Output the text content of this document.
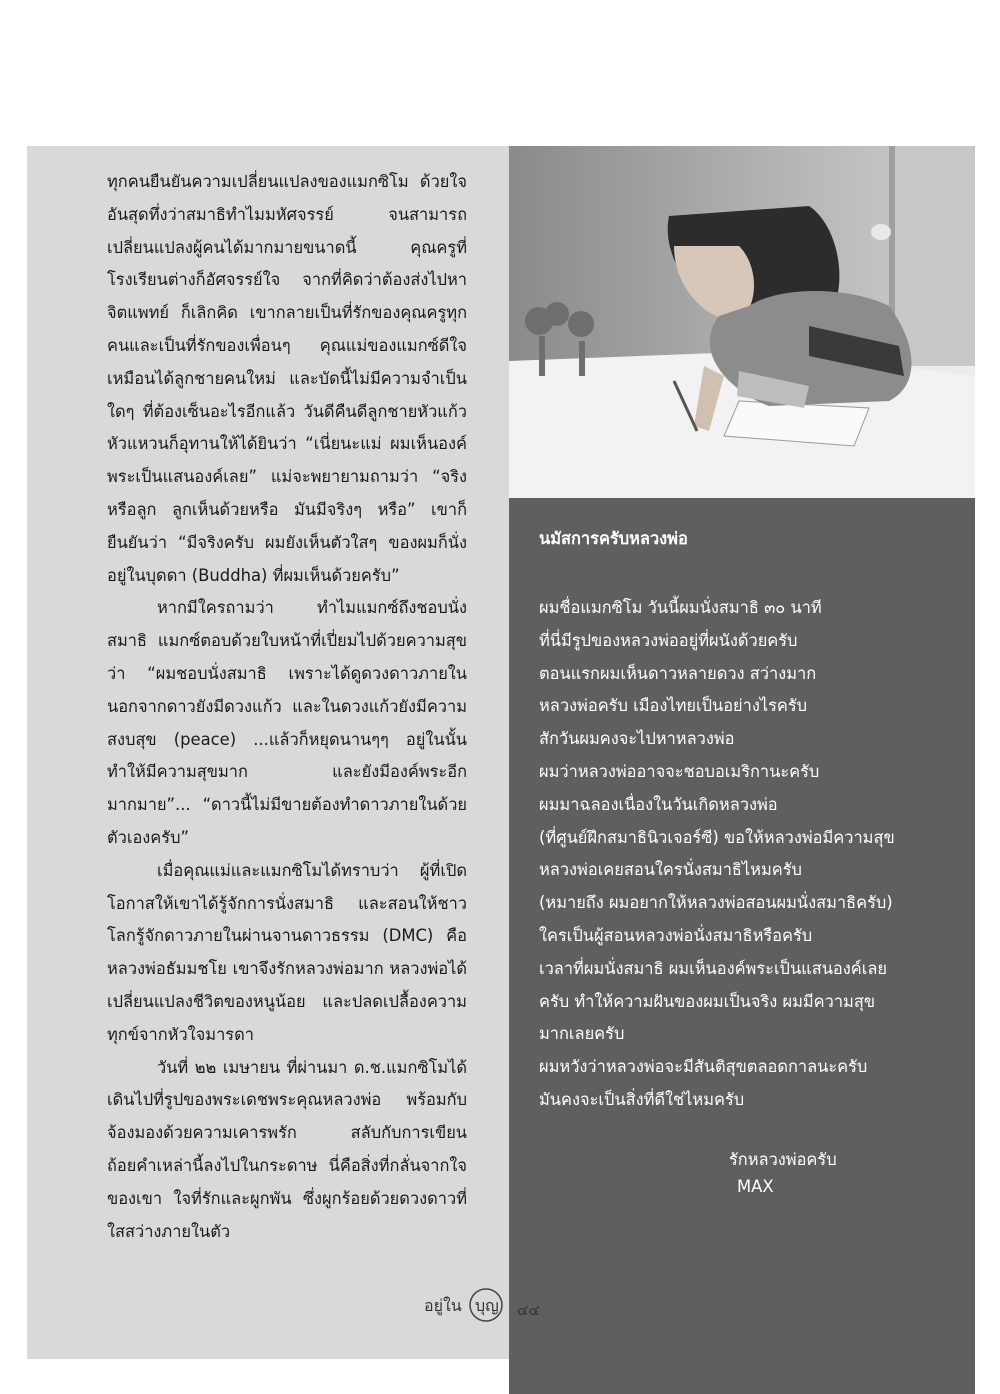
ทุกคนยืนยันความเปลี่ยนแปลงของแมกซิโม ด้วยใจอันสุดทึ่งว่าสมาธิทำไมมหัศจรรย์ จนสามารถเปลี่ยนแปลงผู้คนได้มากมายขนาดนี้ คุณครูที่โรงเรียนต่างก็อัศจรรย์ใจ จากที่คิดว่าต้องส่งไปหาจิตแพทย์ ก็เลิกคิด เขากลายเป็นที่รักของคุณครูทุกคนและเป็นที่รักของเพื่อนๆ คุณแม่ของแมกซ์ดีใจเหมือนได้ลูกชายคนใหม่ และบัดนี้ไม่มีความจำเป็นใดๆ ที่ต้องเซ็นอะไรอีกแล้ว วันดีคืนดีลูกชายหัวแก้วหัวแหวนก็อุทานให้ได้ยินว่า “เนี่ยนะแม่ ผมเห็นองค์พระเป็นแสนองค์เลย” แม่จะพยายามถามว่า “จริงหรือลูก ลูกเห็นด้วยหรือ มันมีจริงๆ หรือ” เขาก็ยืนยันว่า “มีจริงครับ ผมยังเห็นตัวใสๆ ของผมก็นั่งอยู่ในบุดดา (Buddha) ที่ผมเห็นด้วยครับ”

หากมีใครถามว่า ทำไมแมกซ์ถึงชอบนั่งสมาธิ แมกซ์ตอบด้วยใบหน้าที่เปี่ยมไปด้วยความสุขว่า “ผมชอบนั่งสมาธิ เพราะได้ดูดวงดาวภายในนอกจากดาวยังมีดวงแก้ว และในดวงแก้วยังมีความสงบสุข (peace) ...แล้วก็หยุดนานๆๆ อยู่ในนั้น ทำให้มีความสุขมาก และยังมีองค์พระอีกมากมาย”... “ดาวนี้ไม่มีขายต้องทำดาวภายในด้วยตัวเองครับ”

เมื่อคุณแม่และแมกซิโมได้ทราบว่า ผู้ที่เปิดโอกาสให้เขาได้รู้จักการนั่งสมาธิ และสอนให้ชาวโลกรู้จักดาวภายในผ่านจานดาวธรรม (DMC) คือหลวงพ่อธัมมชโย เขาจึงรักหลวงพ่อมาก หลวงพ่อได้เปลี่ยนแปลงชีวิตของหนูน้อย และปลดเปลื้องความทุกข์จากหัวใจมารดา

วันที่ ๒๒ เมษายน ที่ผ่านมา ด.ช.แมกซิโมได้เดินไปที่รูปของพระเดชพระคุณหลวงพ่อ พร้อมกับจ้องมองด้วยความเคารพรัก สลับกับการเขียนถ้อยคำเหล่านี้ลงไปในกระดาษ นี่คือสิ่งที่กลั่นจากใจของเขา ใจที่รักและผูกพัน ซึ่งผูกร้อยด้วยดวงดาวที่ใสสว่างภายในตัว

นมัสการครับหลวงพ่อ
ผมชื่อแมกซิโม วันนี้ผมนั่งสมาธิ ๓๐ นาที
ที่นี่มีรูปของหลวงพ่ออยู่ที่ผนังด้วยครับ
ตอนแรกผมเห็นดาวหลายดวง สว่างมาก
หลวงพ่อครับ เมืองไทยเป็นอย่างไรครับ
สักวันผมคงจะไปหาหลวงพ่อ
ผมว่าหลวงพ่ออาจจะชอบอเมริกานะครับ
ผมมาฉลองเนื่องในวันเกิดหลวงพ่อ
(ที่ศูนย์ฝึกสมาธินิวเจอร์ซี) ขอให้หลวงพ่อมีความสุข
หลวงพ่อเคยสอนใครนั่งสมาธิไหมครับ
(หมายถึง ผมอยากให้หลวงพ่อสอนผมนั่งสมาธิครับ)
ใครเป็นผู้สอนหลวงพ่อนั่งสมาธิหรือครับ
เวลาที่ผมนั่งสมาธิ ผมเห็นองค์พระเป็นแสนองค์เลย
ครับ ทำให้ความฝันของผมเป็นจริง ผมมีความสุข
มากเลยครับ
ผมหวังว่าหลวงพ่อจะมีสันติสุขตลอดกาลนะครับ
มันคงจะเป็นสิ่งที่ดีใช่ไหมครับ
รักหลวงพ่อครับ
MAX
อยู่ใน บุญ ๔๔
